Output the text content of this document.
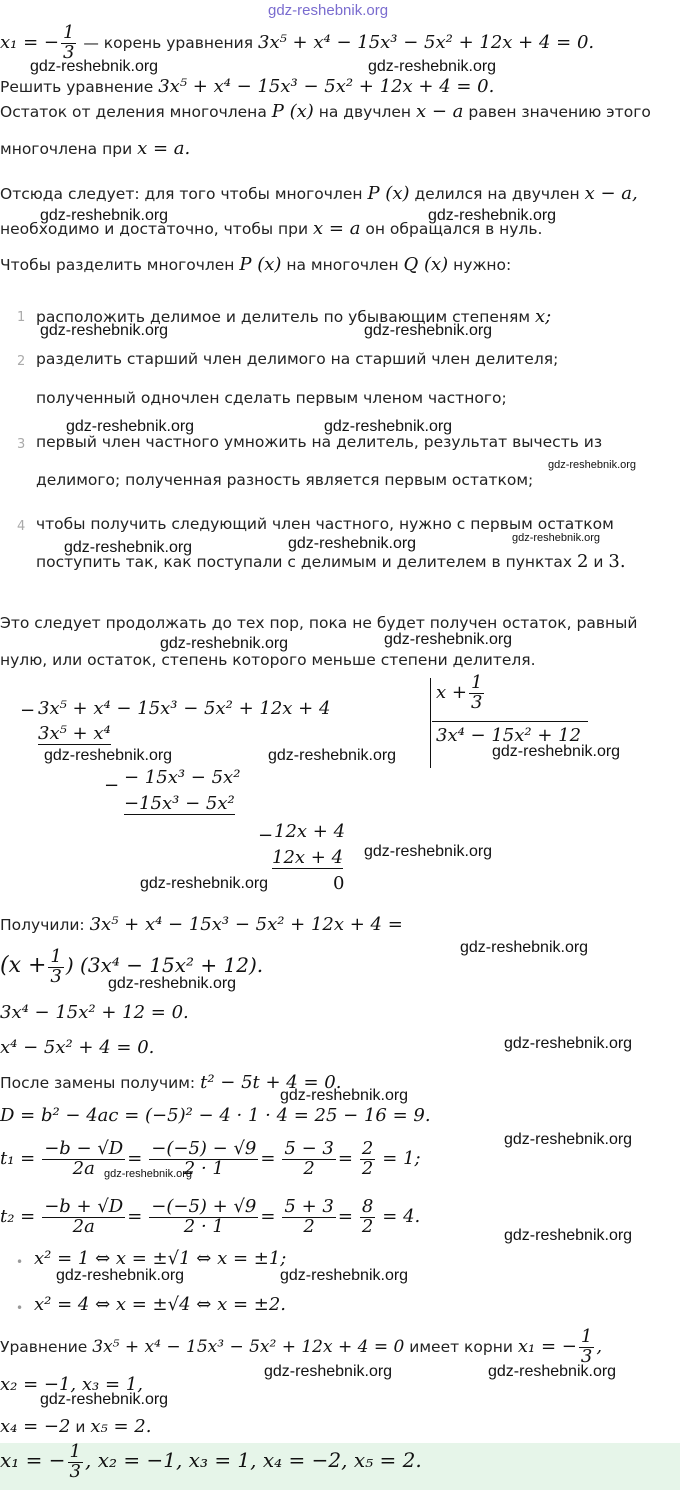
gdz-reshebnik.org
x₁ = − $\frac{1}{3}$ — корень уравнения 3x⁵ + x⁴ − 15x³ − 5x² + 12x + 4 = 0.
gdz-reshebnik.org	gdz-reshebnik.org
Решить уравнение 3x⁵ + x⁴ − 15x³ − 5x² + 12x + 4 = 0.
Остаток от деления многочлена P (x) на двучлен x − a равен значению этого
многочлена при x = a.
Отсюда следует: для того чтобы многочлен P (x) делился на двучлен x − a,
gdz-reshebnik.org	gdz-reshebnik.org
необходимо и достаточно, чтобы при x = a он обращался в нуль.
Чтобы разделить многочлен P (x) на многочлен Q (x) нужно:
1 расположить делимое и делитель по убывающим степеням x;
gdz-reshebnik.org	gdz-reshebnik.org
2 разделить старший член делимого на старший член делителя;
полученный одночлен сделать первым членом частного;
gdz-reshebnik.org	gdz-reshebnik.org
3 первый член частного умножить на делитель, результат вычесть из
gdz-reshebnik.org
делимого; полученная разность является первым остатком;
4 чтобы получить следующий член частного, нужно с первым остатком
gdz-reshebnik.org
gdz-reshebnik.org	gdz-reshebnik.org
поступить так, как поступали с делимым и делителем в пунктах 2 и 3.
Это следует продолжать до тех пор, пока не будет получен остаток, равный
gdz-reshebnik.org	gdz-reshebnik.org
нулю, или остаток, степень которого меньше степени делителя.
− 3x⁵ + x⁴ − 15x³ − 5x² + 12x + 4
3x⁵ + x⁴
gdz-reshebnik.org	gdz-reshebnik.org
$x + \frac{1}{3}$
3x⁴ − 15x² + 12
gdz-reshebnik.org
− − 15x³ − 5x²
−15x³ − 5x²
− 12x + 4
12x + 4 gdz-reshebnik.org
gdz-reshebnik.org	0
Получили: 3x⁵ + x⁴ − 15x³ − 5x² + 12x + 4 =
gdz-reshebnik.org
($x + \frac{1}{3}$ ) (3x⁴ − 15x² + 12).
gdz-reshebnik.org
3x⁴ − 15x² + 12 = 0.
x⁴ − 5x² + 4 = 0.	gdz-reshebnik.org
После замены получим: t² − 5t + 4 = 0.
gdz-reshebnik.org
D = b² − 4ac = (−5)² − 4 · 1 · 4 = 25 − 16 = 9.
gdz-reshebnik.org
$t_1 = \frac{-b - √D}{2a} = \frac{-(-5) - √9}{2 \cdot 1} = \frac{5 - 3}{2} = \frac{2}{2} = 1$;
gdz-reshebnik.org
$t_2 = \frac{-b + √D}{2a} = \frac{-(-5) + √9}{2 \cdot 1} = \frac{5 + 3}{2} = \frac{8}{2} = 4$.
gdz-reshebnik.org
• x² = 1 ⇔ x = ±√1 ⇔ x = ±1;
gdz-reshebnik.org	gdz-reshebnik.org
• x² = 4 ⇔ x = ±√4 ⇔ x = ±2.
Уравнение 3x⁵ + x⁴ − 15x³ − 5x² + 12x + 4 = 0 имеет корни x₁ = − $\frac{1}{3}$ ,
x₂ = −1, x₃ = 1,
gdz-reshebnik.org	gdz-reshebnik.org
gdz-reshebnik.org
x₄ = −2 и x₅ = 2.
x₁ = − $\frac{1}{3}$ , x₂ = −1, x₃ = 1, x₄ = −2, x₅ = 2.
